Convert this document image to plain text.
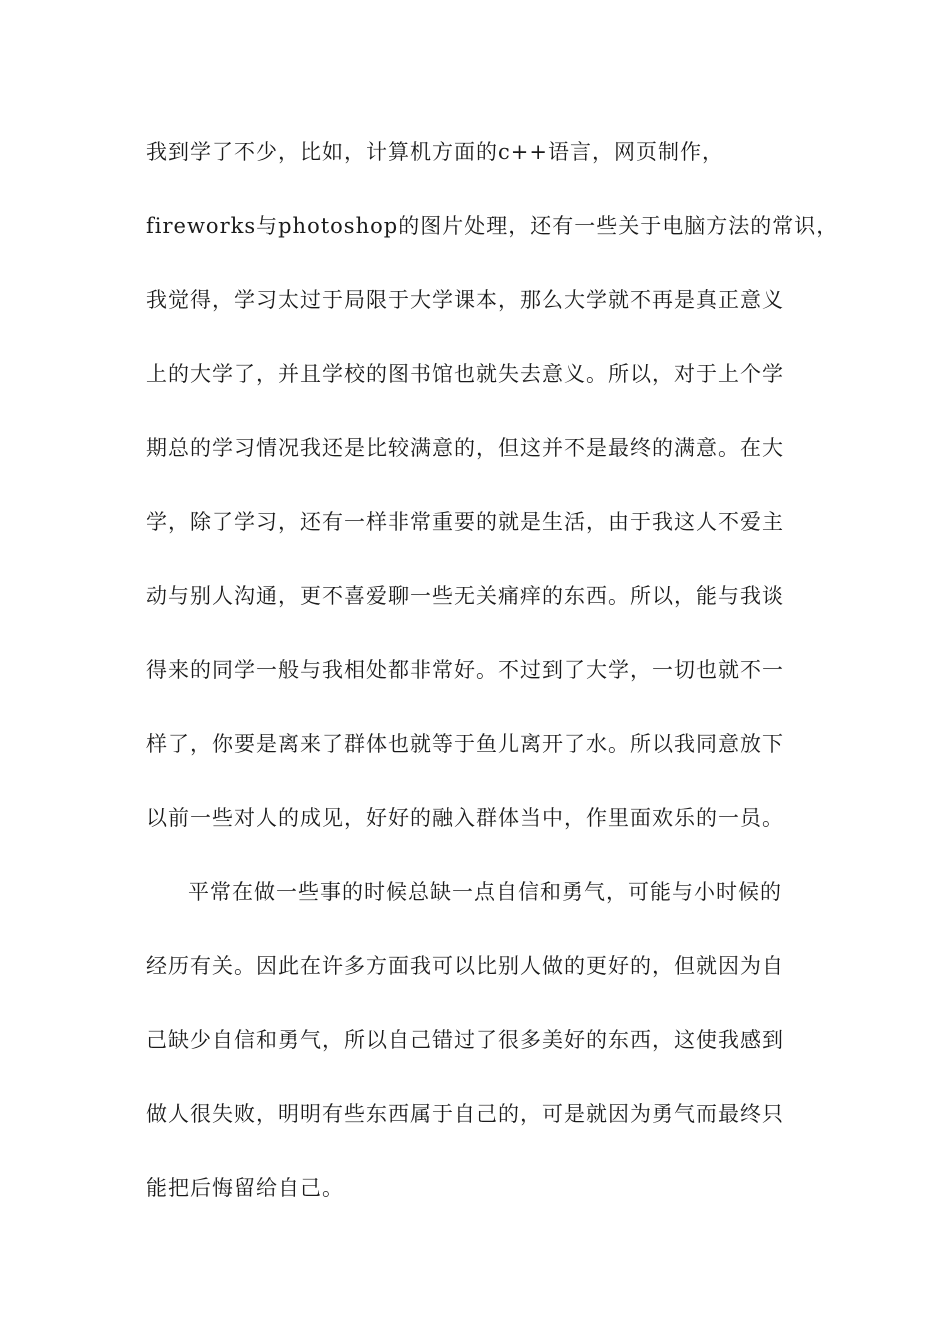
我到学了不少，比如，计算机方面的c++语言，网页制作，
fireworks与photoshop的图片处理，还有一些关于电脑方法的常识，
我觉得，学习太过于局限于大学课本，那么大学就不再是真正意义
上的大学了，并且学校的图书馆也就失去意义。所以，对于上个学
期总的学习情况我还是比较满意的，但这并不是最终的满意。在大
学，除了学习，还有一样非常重要的就是生活，由于我这人不爱主
动与别人沟通，更不喜爱聊一些无关痛痒的东西。所以，能与我谈
得来的同学一般与我相处都非常好。不过到了大学，一切也就不一
样了，你要是离来了群体也就等于鱼儿离开了水。所以我同意放下
以前一些对人的成见，好好的融入群体当中，作里面欢乐的一员。
平常在做一些事的时候总缺一点自信和勇气，可能与小时候的
经历有关。因此在许多方面我可以比别人做的更好的，但就因为自
己缺少自信和勇气，所以自己错过了很多美好的东西，这使我感到
做人很失败，明明有些东西属于自己的，可是就因为勇气而最终只
能把后悔留给自己。
